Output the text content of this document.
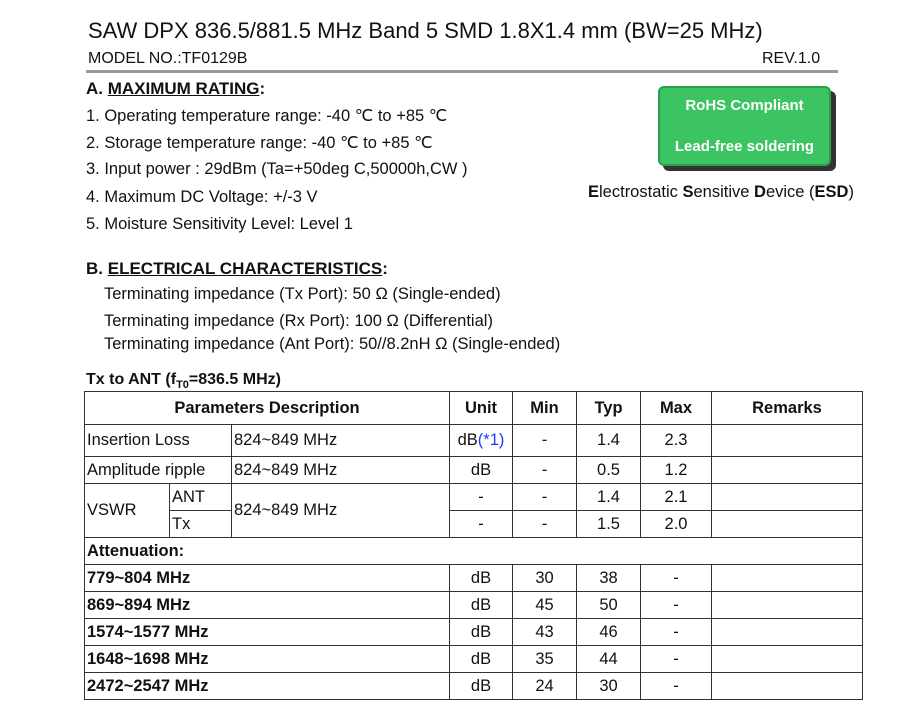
SAW DPX 836.5/881.5 MHz Band 5 SMD 1.8X1.4 mm (BW=25 MHz)
MODEL NO.:TF0129B	REV.1.0
A. MAXIMUM RATING:
1. Operating temperature range: -40 ℃ to +85 ℃
2. Storage temperature range: -40 ℃ to +85 ℃
3. Input power : 29dBm (Ta=+50deg C,50000h,CW )
4. Maximum DC Voltage: +/-3 V
5. Moisture Sensitivity Level: Level 1
RoHS Compliant
Lead-free soldering
Electrostatic Sensitive Device (ESD)
B. ELECTRICAL CHARACTERISTICS:
Terminating impedance (Tx Port): 50 Ω (Single-ended)
Terminating impedance (Rx Port): 100 Ω (Differential)
Terminating impedance (Ant Port): 50//8.2nH Ω (Single-ended)
Tx to ANT ($f_{T0}=836.5$ MHz)
Parameters Description			Unit	Min	Typ	Max	Remarks
Insertion Loss		824~849 MHz	dB(*1)	-	1.4	2.3	
Amplitude ripple		824~849 MHz	dB	-	0.5	1.2	
VSWR	ANT	824~849 MHz	-	-	1.4	2.1	
	Tx		-	-	1.5	2.0	
Attenuation:							
779~804 MHz			dB	30	38	-	
869~894 MHz			dB	45	50	-	
1574~1577 MHz			dB	43	46	-	
1648~1698 MHz			dB	35	44	-	
2472~2547 MHz			dB	24	30	-	
